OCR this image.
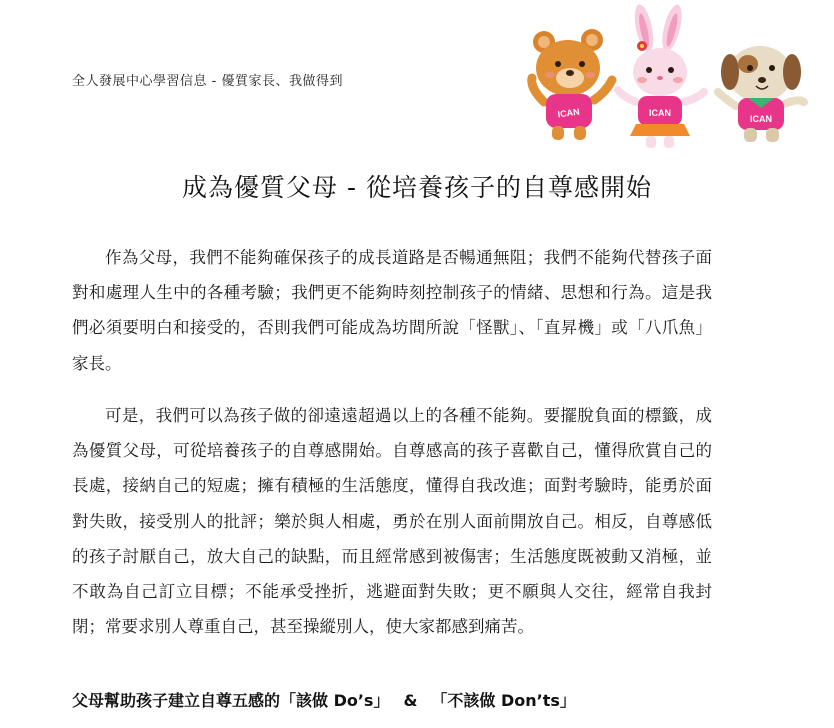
全人發展中心學習信息 - 優質家長、我做得到
ICAN	ICAN
ICAN
成為優質父母 - 從培養孩子的自尊感開始

作為父母，我們不能夠確保孩子的成長道路是否暢通無阻；我們不能夠代替孩子面對和處理人生中的各種考驗；我們更不能夠時刻控制孩子的情緒、思想和行為。這是我們必須要明白和接受的，否則我們可能成為坊間所說「怪獸」、「直昇機」或「八爪魚」家長。

可是，我們可以為孩子做的卻遠遠超過以上的各種不能夠。要擺脫負面的標籤，成為優質父母，可從培養孩子的自尊感開始。自尊感高的孩子喜歡自己，懂得欣賞自己的長處，接納自己的短處；擁有積極的生活態度，懂得自我改進；面對考驗時，能勇於面對失敗，接受別人的批評；樂於與人相處，勇於在別人面前開放自己。相反，自尊感低的孩子討厭自己，放大自己的缺點，而且經常感到被傷害；生活態度既被動又消極，並不敢為自己訂立目標；不能承受挫折，逃避面對失敗；更不願與人交往，經常自我封閉；常要求別人尊重自己，甚至操縱別人，使大家都感到痛苦。

父母幫助孩子建立自尊五感的「該做 Do’s」 & 「不該做 Don’ts」
